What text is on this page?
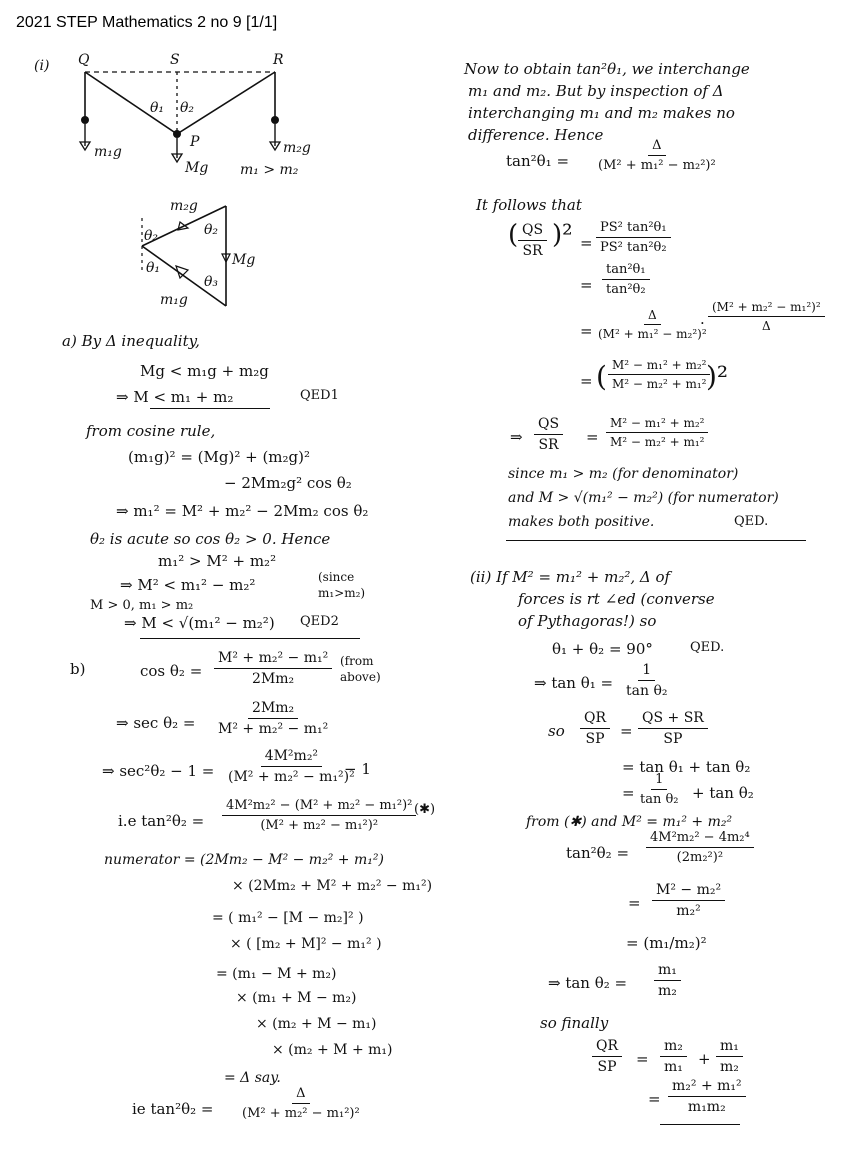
2021 STEP Mathematics 2 no 9 [1/1]
(i) Q	S	R
θ₁ θ₂
P
m₁g
Mg
m₂g
m₁ > m₂
m₂g
Mg
m₁g
θ₂	θ₂
θ₁
θ₃
a) By Δ inequality,
Mg < m₁g + m₂g
⇒ M < m₁ + m₂	QED1
from cosine rule,
(m₁g)² = (Mg)² + (m₂g)²
− 2Mm₂g² cos θ₂
⇒ m₁² = M² + m₂² − 2Mm₂ cos θ₂
θ₂ is acute so cos θ₂ > 0. Hence
m₁² > M² + m₂²
⇒ M² < m₁² − m₂²	(since
m₁>m₂)
M > 0, m₁ > m₂
⇒ M < √(m₁² − m₂²) QED2
b)	$\cos \theta_2 = \frac{\text{M² + m₂² − m₁²}}{\text{2Mm₂}}$ (from
above)
⇒ $\sec \theta_2 = \frac{\text{2Mm₂}}{\text{M² + m₂² − m₁²}}$
⇒ $\sec^2\theta_2 - 1 = \frac{\text{4M²m₂²}}{\text{(M² + m₂² − m₁²)²}}$
− 1
i.e $\tan^2\theta_2 = \frac{\text{4M²m₂² − (M² + m₂² − m₁²)²}}{\text{(M² + m₂² − m₁²)²}}$
(✱)
numerator = (2Mm₂ − M² − m₂² + m₁²)
× (2Mm₂ + M² + m₂² − m₁²)
= ( m₁² − [M − m₂]² )
× ( [m₂ + M]² − m₁² )
= (m₁ − M + m₂)
× (m₁ + M − m₂)
× (m₂ + M − m₁)
× (m₂ + M + m₁)
= Δ say.
ie $\tan^2\theta_2 = \frac{\Delta}{\text{(M² + m₂² − m₁²)²}}$
Now to obtain tan²θ₁, we interchange
m₁ and m₂. But by inspection of Δ
interchanging m₁ and m₂ makes no
difference. Hence
$\tan^2\theta_1 = \frac{\Delta}{\text{(M² + m₁² − m₂²)²}}$
It follows that
( $\frac{QS}{SR} )^2 = \frac{\text{PS² tan²θ₁}}{\text{PS² tan²θ₂}}$
= $\frac{\text{tan²θ₁}}{\text{tan²θ₂}}$
= $\frac{\Delta}{\text{(M² + m₁² − m₂²)²}}$
· $\frac{\text{(M² + m₂² − m₁²)²}}{\Delta}$
= ( $\frac{\text{M² − m₁² + m₂²}}{\text{M² − m₂² + m₁²}}$
)²
⇒ $\frac{QS}{SR} = \frac{\text{M² − m₁² + m₂²}}{\text{M² − m₂² + m₁²}}$
since m₁ > m₂ (for denominator)
and M > √(m₁² − m₂²) (for numerator)
makes both positive.	QED.
(ii) If M² = m₁² + m₂², Δ of
forces is rt ∠ed (converse
of Pythagoras!) so
θ₁ + θ₂ = 90°	QED.
⇒ $\tan \theta_1 = \frac{1}{\text{tan θ₂}}$
so $\frac{QR}{SP} = \frac{QS + SR}{SP}$
= tan θ₁ + tan θ₂
= $\frac{1}{\text{tan θ₂}} + \tan \theta_2$
from (✱) and M² = m₁² + m₂²
$\tan^2\theta_2 = \frac{\text{4M²m₂² − 4m₂⁴}}{\text{(2m₂²)²}}$
= $\frac{\text{M² − m₂²}}{\text{m₂²}}$
= (m₁/m₂)²
⇒ $\tan \theta_2 = \frac{\text{m₁}}{\text{m₂}}$
so finally
$\frac{QR}{SP} = \frac{\text{m₂}}{\text{m₁}} + \frac{\text{m₁}}{\text{m₂}}$
= $\frac{\text{m₂² + m₁²}}{\text{m₁m₂}}$
